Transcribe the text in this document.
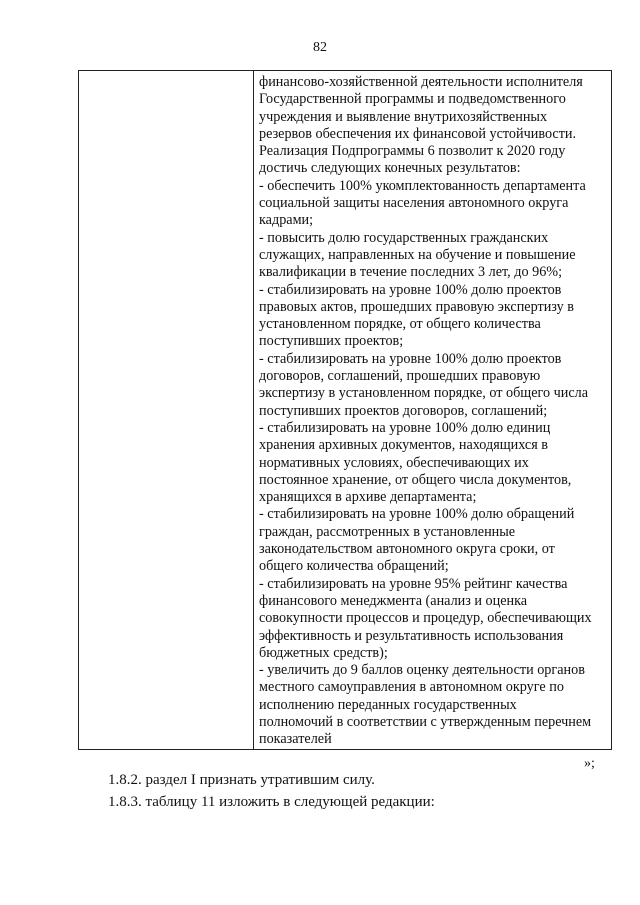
82
финансово-хозяйственной деятельности исполнителя
Государственной программы и подведомственного
учреждения и выявление внутрихозяйственных
резервов обеспечения их финансовой устойчивости.
Реализация Подпрограммы 6 позволит к 2020 году
достичь следующих конечных результатов:
- обеспечить 100% укомплектованность департамента
социальной защиты населения автономного округа
кадрами;
- повысить долю государственных гражданских
служащих, направленных на обучение и повышение
квалификации в течение последних 3 лет, до 96%;
- стабилизировать на уровне 100% долю проектов
правовых актов, прошедших правовую экспертизу в
установленном порядке, от общего количества
поступивших проектов;
- стабилизировать на уровне 100% долю проектов
договоров, соглашений, прошедших правовую
экспертизу в установленном порядке, от общего числа
поступивших проектов договоров, соглашений;
- стабилизировать на уровне 100% долю единиц
хранения архивных документов, находящихся в
нормативных условиях, обеспечивающих их
постоянное хранение, от общего числа документов,
хранящихся в архиве департамента;
- стабилизировать на уровне 100% долю обращений
граждан, рассмотренных в установленные
законодательством автономного округа сроки, от
общего количества обращений;
- стабилизировать на уровне 95% рейтинг качества
финансового менеджмента (анализ и оценка
совокупности процессов и процедур, обеспечивающих
эффективность и результативность использования
бюджетных средств);
- увеличить до 9 баллов оценку деятельности органов
местного самоуправления в автономном округе по
исполнению переданных государственных
полномочий в соответствии с утвержденным перечнем
показателей
»;
1.8.2. раздел I признать утратившим силу.
1.8.3. таблицу 11 изложить в следующей редакции:
